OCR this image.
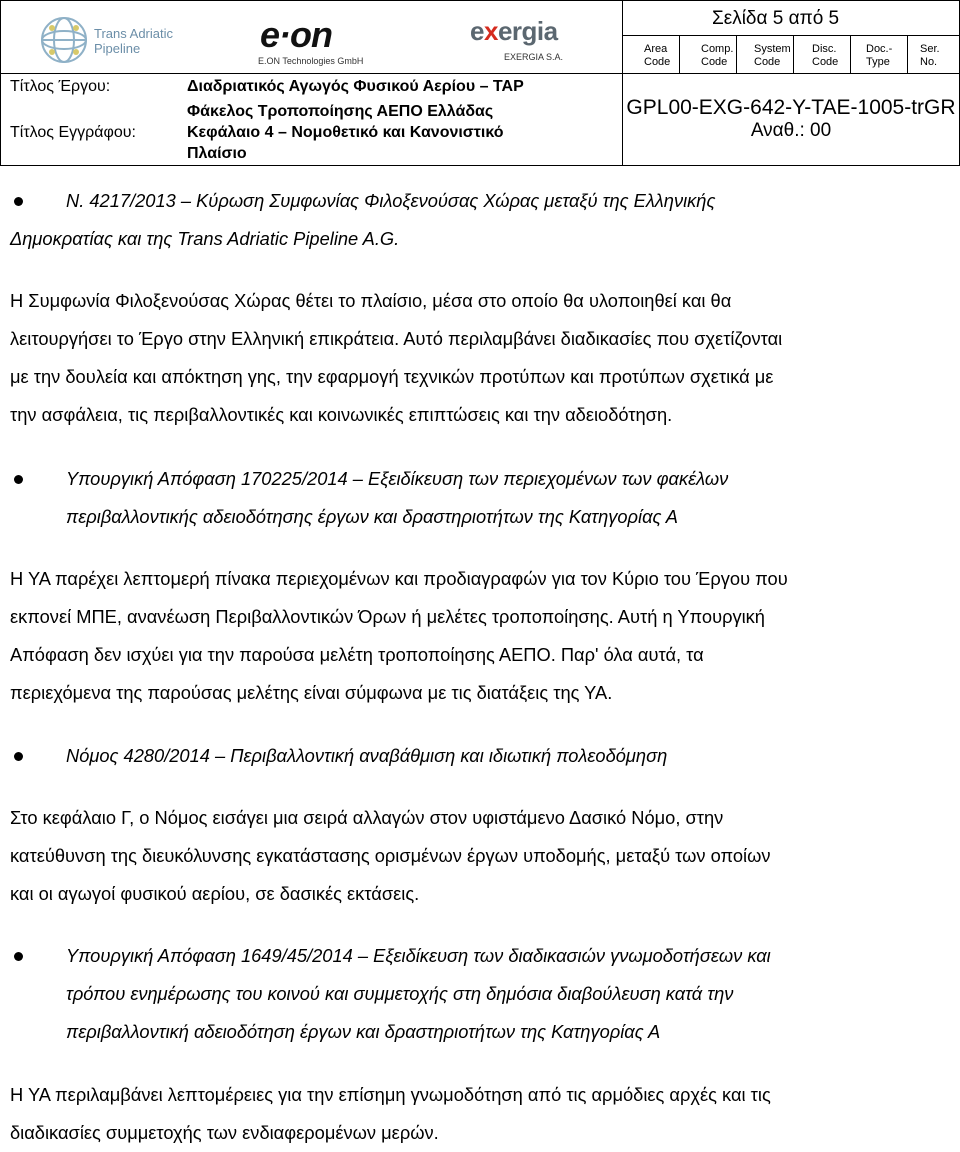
Trans Adriatic
Pipeline	e·on
E.ON Technologies GmbH
exergia
EXERGIA S.A.
Σελίδα 5 από 5
Area
Code
Comp.
Code
System
Code
Disc.
Code
Doc.-
Type
Ser.
No.
GPL00-EXG-642-Y-TAE-1005-trGR
Αναθ.: 00
Τίτλος Έργου:	Διαδριατικός Αγωγός Φυσικού Αερίου – TAP
Τίτλος Εγγράφου:
Φάκελος Τροποποίησης ΑΕΠΟ Ελλάδας
Κεφάλαιο 4 – Νομοθετικό και Κανονιστικό
Πλαίσιο
Ν. 4217/2013 – Κύρωση Συμφωνίας Φιλοξενούσας Χώρας μεταξύ της Ελληνικής
Δημοκρατίας και της Trans Adriatic Pipeline A.G.
Η Συμφωνία Φιλοξενούσας Χώρας θέτει το πλαίσιο, μέσα στο οποίο θα υλοποιηθεί και θα
λειτουργήσει το Έργο στην Ελληνική επικράτεια. Αυτό περιλαμβάνει διαδικασίες που σχετίζονται
με την δουλεία και απόκτηση γης, την εφαρμογή τεχνικών προτύπων και προτύπων σχετικά με
την ασφάλεια, τις περιβαλλοντικές και κοινωνικές επιπτώσεις και την αδειοδότηση.
Υπουργική Απόφαση 170225/2014 – Εξειδίκευση των περιεχομένων των φακέλων
περιβαλλοντικής αδειοδότησης έργων και δραστηριοτήτων της Κατηγορίας Α
Η ΥΑ παρέχει λεπτομερή πίνακα περιεχομένων και προδιαγραφών για τον Κύριο του Έργου που
εκπονεί ΜΠΕ, ανανέωση Περιβαλλοντικών Όρων ή μελέτες τροποποίησης. Αυτή η Υπουργική
Απόφαση δεν ισχύει για την παρούσα μελέτη τροποποίησης ΑΕΠΟ. Παρ' όλα αυτά, τα
περιεχόμενα της παρούσας μελέτης είναι σύμφωνα με τις διατάξεις της ΥΑ.
Νόμος 4280/2014 – Περιβαλλοντική αναβάθμιση και ιδιωτική πολεοδόμηση
Στο κεφάλαιο Γ, ο Νόμος εισάγει μια σειρά αλλαγών στον υφιστάμενο Δασικό Νόμο, στην
κατεύθυνση της διευκόλυνσης εγκατάστασης ορισμένων έργων υποδομής, μεταξύ των οποίων
και οι αγωγοί φυσικού αερίου, σε δασικές εκτάσεις.
Υπουργική Απόφαση 1649/45/2014 – Εξειδίκευση των διαδικασιών γνωμοδοτήσεων και
τρόπου ενημέρωσης του κοινού και συμμετοχής στη δημόσια διαβούλευση κατά την
περιβαλλοντική αδειοδότηση έργων και δραστηριοτήτων της Κατηγορίας Α
Η ΥΑ περιλαμβάνει λεπτομέρειες για την επίσημη γνωμοδότηση από τις αρμόδιες αρχές και τις
διαδικασίες συμμετοχής των ενδιαφερομένων μερών.
